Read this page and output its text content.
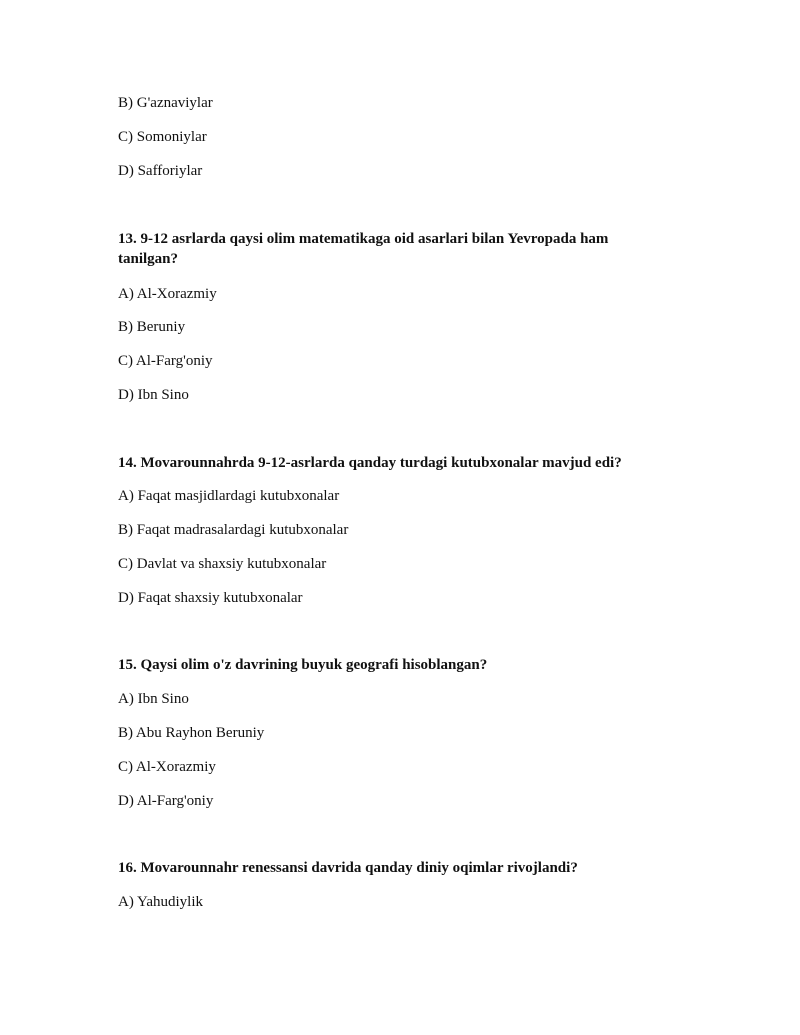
B) G'aznaviylar
C) Somoniylar
D) Safforiylar
13. 9-12 asrlarda qaysi olim matematikaga oid asarlari bilan Yevropada ham tanilgan?
A) Al-Xorazmiy
B) Beruniy
C) Al-Farg'oniy
D) Ibn Sino
14. Movarounnahrda 9-12-asrlarda qanday turdagi kutubxonalar mavjud edi?
A) Faqat masjidlardagi kutubxonalar
B) Faqat madrasalardagi kutubxonalar
C) Davlat va shaxsiy kutubxonalar
D) Faqat shaxsiy kutubxonalar
15. Qaysi olim o'z davrining buyuk geografi hisoblangan?
A) Ibn Sino
B) Abu Rayhon Beruniy
C) Al-Xorazmiy
D) Al-Farg'oniy
16. Movarounnahr renessansi davrida qanday diniy oqimlar rivojlandi?
A) Yahudiylik
